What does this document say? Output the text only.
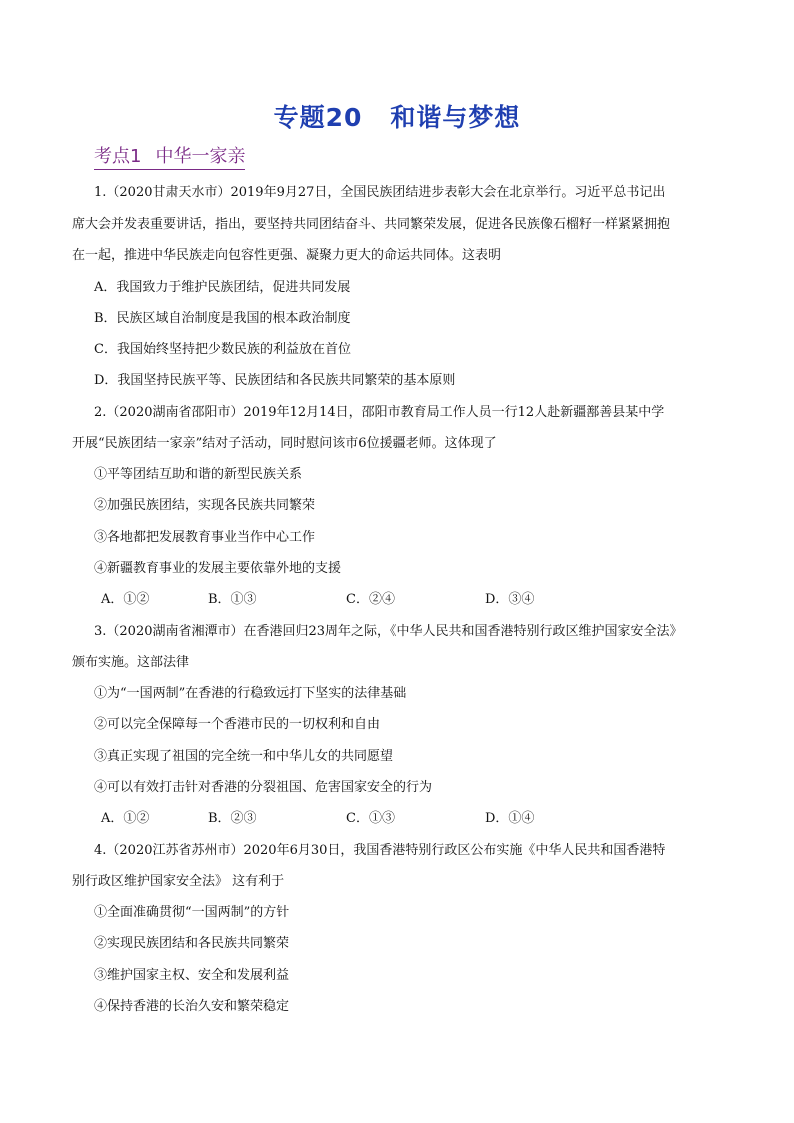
专题20 和谐与梦想
考点1 中华一家亲
1.（2020甘肃天水市）2019年9月27日，全国民族团结进步表彰大会在北京举行。习近平总书记出
席大会并发表重要讲话，指出，要坚持共同团结奋斗、共同繁荣发展，促进各民族像石榴籽一样紧紧拥抱
在一起，推进中华民族走向包容性更强、凝聚力更大的命运共同体。这表明
A．我国致力于维护民族团结，促进共同发展
B．民族区域自治制度是我国的根本政治制度
C．我国始终坚持把少数民族的利益放在首位
D．我国坚持民族平等、民族团结和各民族共同繁荣的基本原则
2.（2020湖南省邵阳市）2019年12月14日，邵阳市教育局工作人员一行12人赴新疆鄯善县某中学
开展“民族团结一家亲”结对子活动，同时慰问该市6位援疆老师。这体现了
①平等团结互助和谐的新型民族关系
②加强民族团结，实现各民族共同繁荣
③各地都把发展教育事业当作中心工作
④新疆教育事业的发展主要依靠外地的支援
A．①②	B．①③	C．②④	D．③④
3.（2020湖南省湘潭市）在香港回归23周年之际，《中华人民共和国香港特别行政区维护国家安全法》
颁布实施。这部法律
①为“一国两制”在香港的行稳致远打下坚实的法律基础
②可以完全保障每一个香港市民的一切权利和自由
③真正实现了祖国的完全统一和中华儿女的共同愿望
④可以有效打击针对香港的分裂祖国、危害国家安全的行为
A．①②	B．②③	C．①③	D．①④
4.（2020江苏省苏州市）2020年6月30日，我国香港特别行政区公布实施《中华人民共和国香港特
别行政区维护国家安全法》 这有利于
①全面准确贯彻“一国两制”的方针
②实现民族团结和各民族共同繁荣
③维护国家主权、安全和发展利益
④保持香港的长治久安和繁荣稳定
